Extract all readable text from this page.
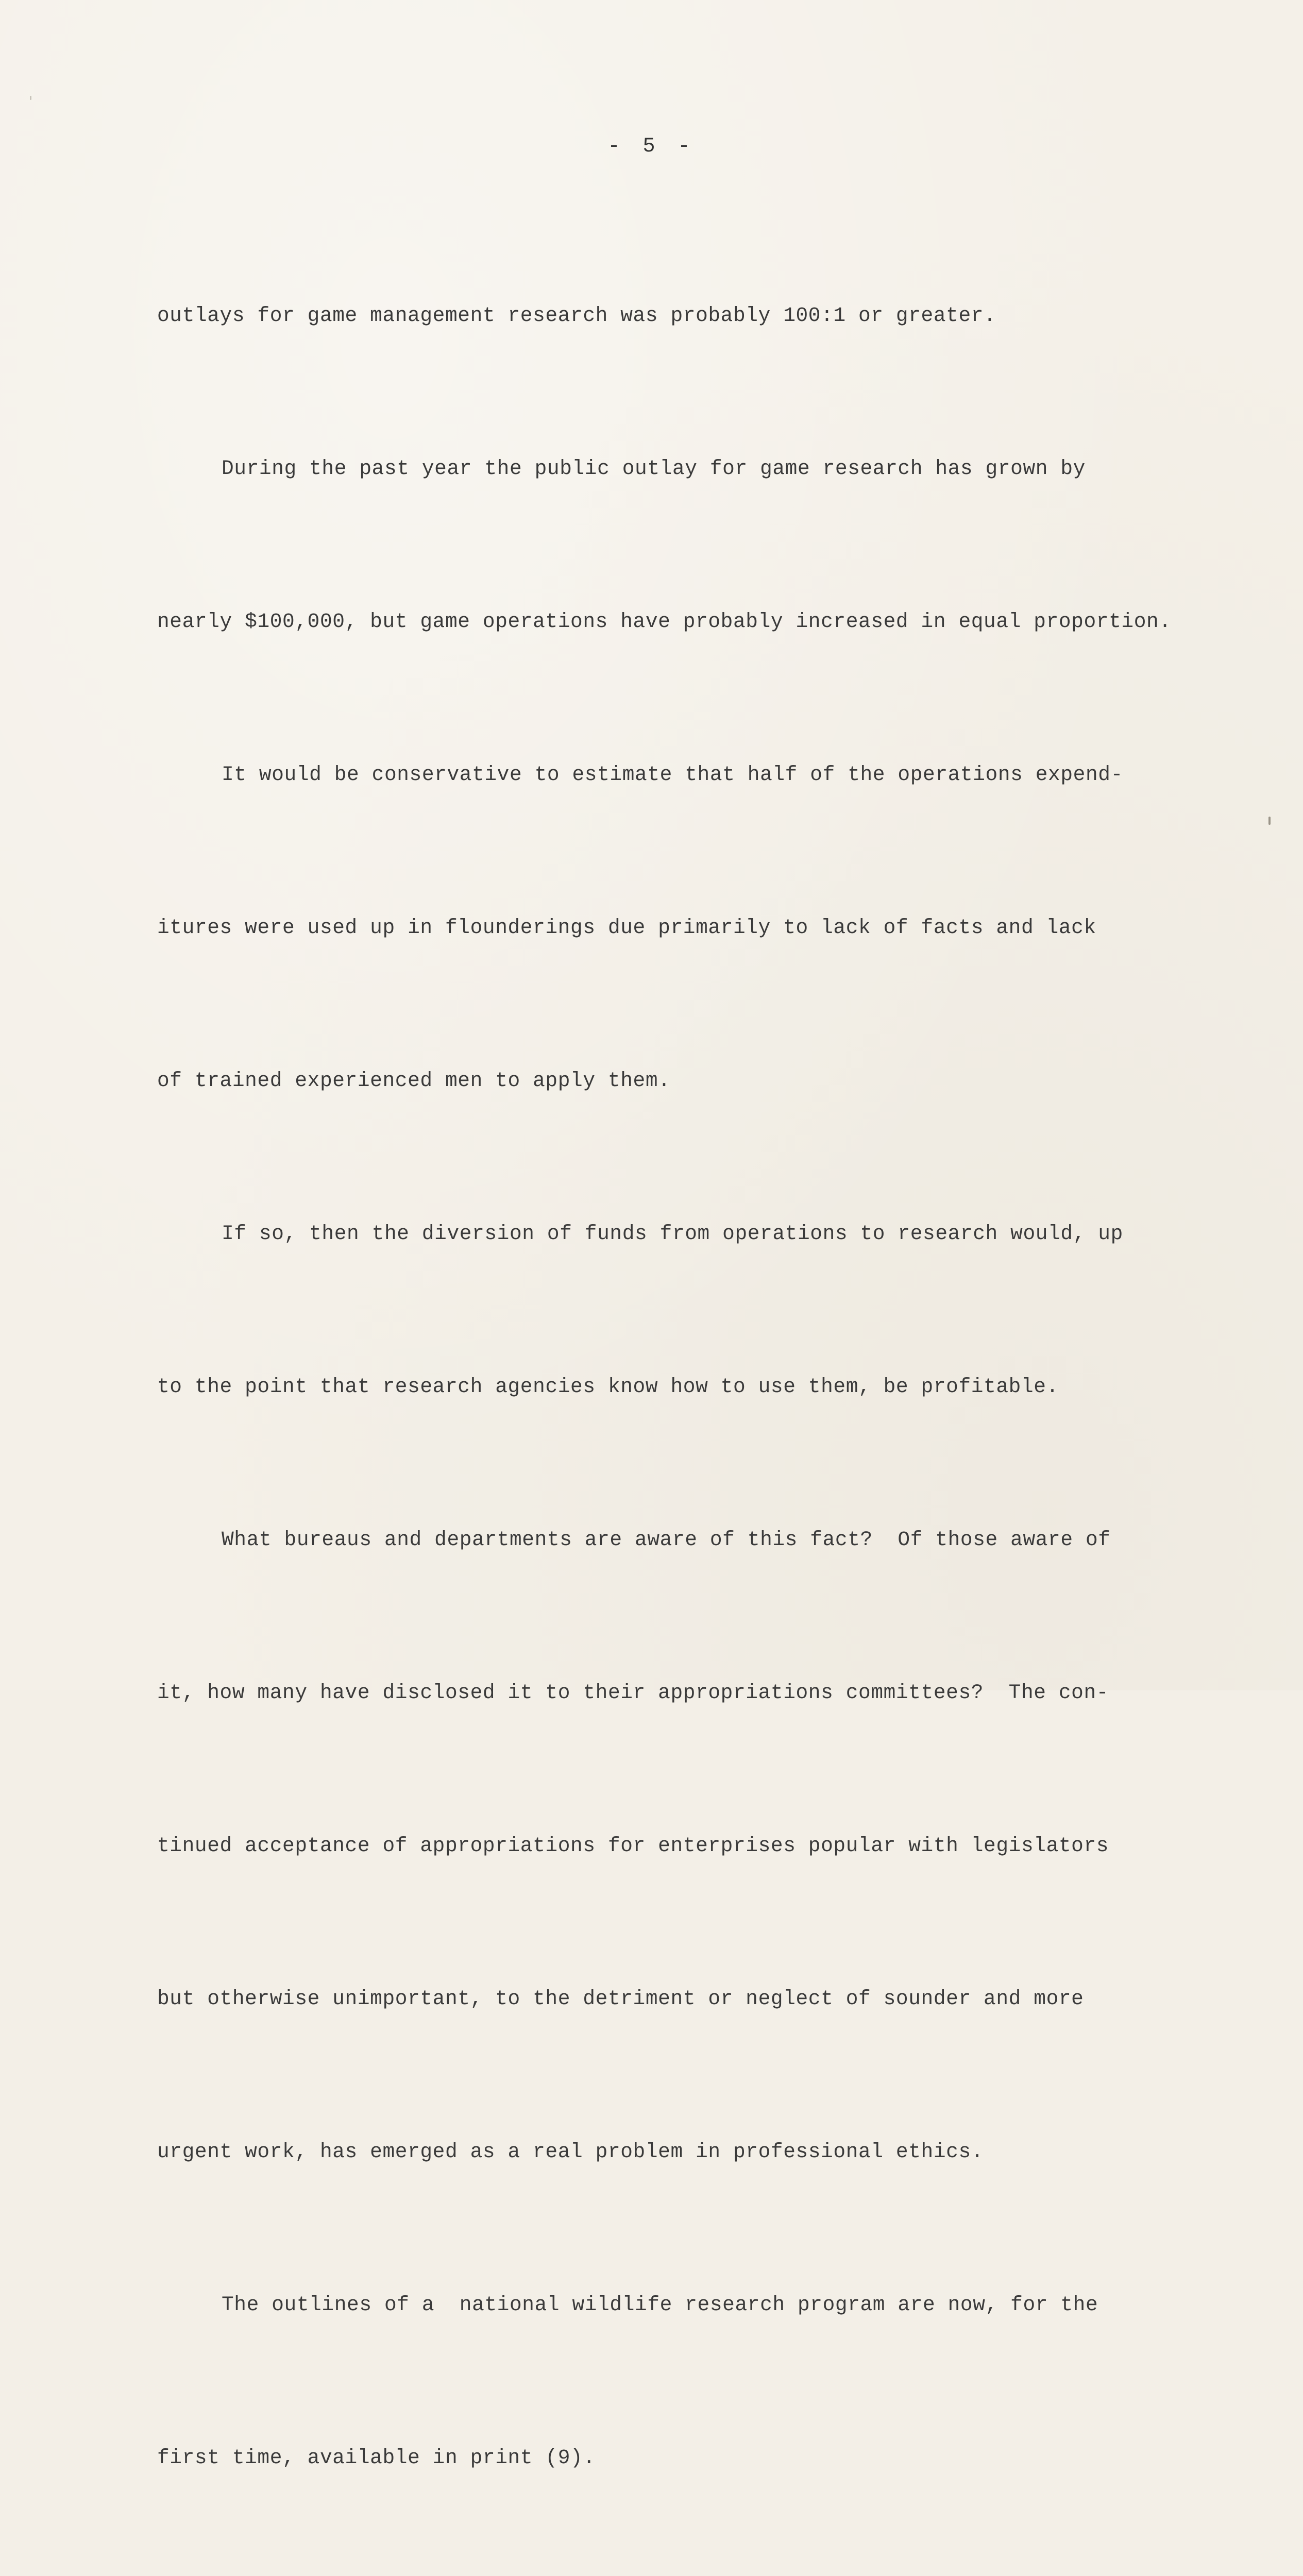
- 5 -

outlays for game management research was probably 100:1 or greater.

During the past year the public outlay for game research has grown by

nearly $100,000, but game operations have probably increased in equal proportion.

It would be conservative to estimate that half of the operations expend-

itures were used up in flounderings due primarily to lack of facts and lack

of trained experienced men to apply them.

If so, then the diversion of funds from operations to research would, up

to the point that research agencies know how to use them, be profitable.

What bureaus and departments are aware of this fact?  Of those aware of

it, how many have disclosed it to their appropriations committees?  The con-

tinued acceptance of appropriations for enterprises popular with legislators

but otherwise unimportant, to the detriment or neglect of sounder and more

urgent work, has emerged as a real problem in professional ethics.

The outlines of a  national wildlife research program are now, for the

first time, available in print (9).
